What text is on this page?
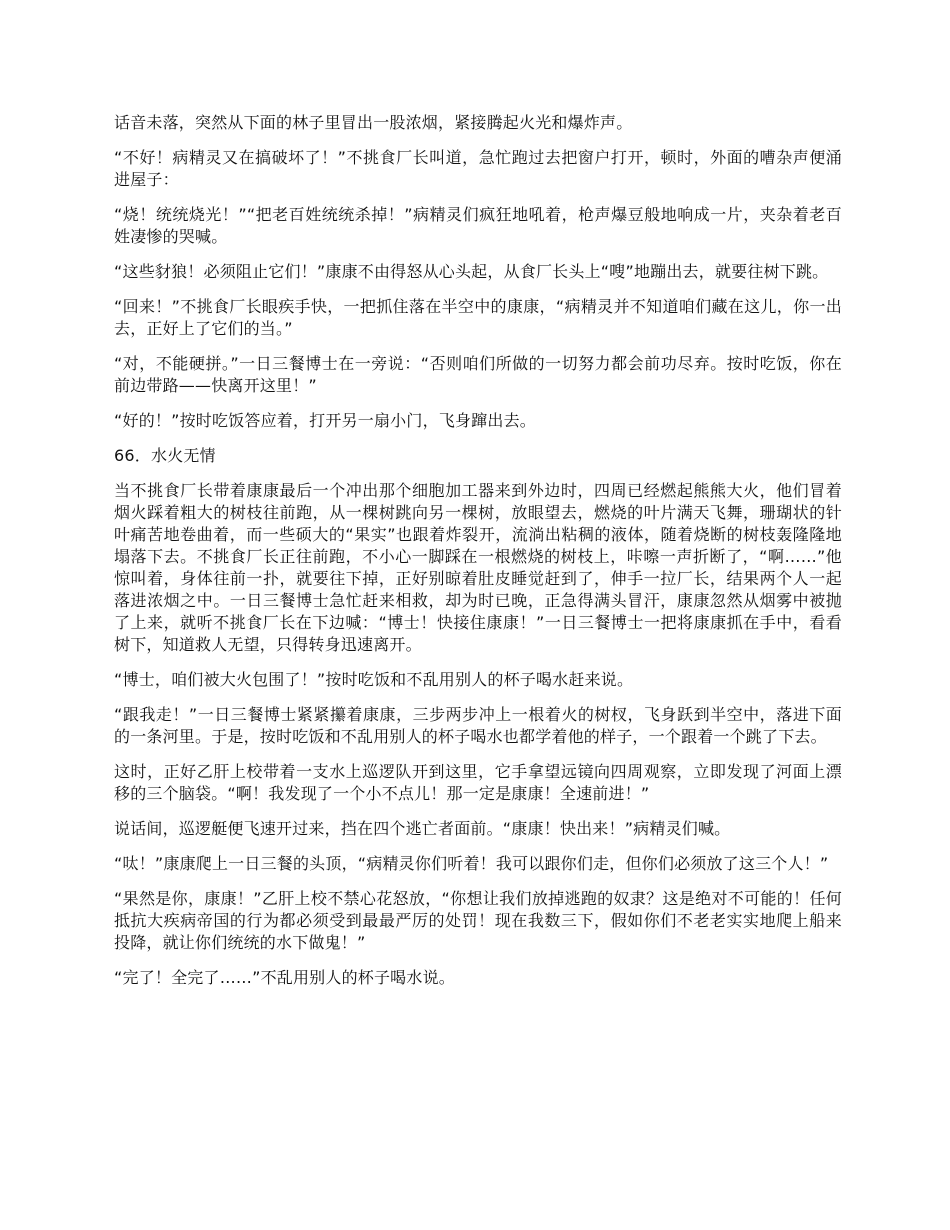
话音未落，突然从下面的林子里冒出一股浓烟，紧接腾起火光和爆炸声。

“不好！病精灵又在搞破坏了！”不挑食厂长叫道，急忙跑过去把窗户打开，顿时，外面的嘈杂声便涌进屋子：

“烧！统统烧光！”“把老百姓统统杀掉！”病精灵们疯狂地吼着，枪声爆豆般地响成一片，夹杂着老百姓凄惨的哭喊。

“这些豺狼！必须阻止它们！”康康不由得怒从心头起，从食厂长头上“嗖”地蹦出去，就要往树下跳。

“回来！”不挑食厂长眼疾手快，一把抓住落在半空中的康康，“病精灵并不知道咱们藏在这儿，你一出去，正好上了它们的当。”

“对，不能硬拼。”一日三餐博士在一旁说：“否则咱们所做的一切努力都会前功尽弃。按时吃饭，你在前边带路——快离开这里！”

“好的！”按时吃饭答应着，打开另一扇小门，飞身蹿出去。

66．水火无情

当不挑食厂长带着康康最后一个冲出那个细胞加工器来到外边时，四周已经燃起熊熊大火，他们冒着烟火踩着粗大的树枝往前跑，从一棵树跳向另一棵树，放眼望去，燃烧的叶片满天飞舞，珊瑚状的针叶痛苦地卷曲着，而一些硕大的“果实”也跟着炸裂开，流淌出粘稠的液体，随着烧断的树枝轰隆隆地塌落下去。不挑食厂长正往前跑，不小心一脚踩在一根燃烧的树枝上，咔嚓一声折断了，“啊……”他惊叫着，身体往前一扑，就要往下掉，正好别晾着肚皮睡觉赶到了，伸手一拉厂长，结果两个人一起落进浓烟之中。一日三餐博士急忙赶来相救，却为时已晚，正急得满头冒汗，康康忽然从烟雾中被抛了上来，就听不挑食厂长在下边喊：“博士！快接住康康！”一日三餐博士一把将康康抓在手中，看看树下，知道救人无望，只得转身迅速离开。

“博士，咱们被大火包围了！”按时吃饭和不乱用别人的杯子喝水赶来说。

“跟我走！”一日三餐博士紧紧攥着康康，三步两步冲上一根着火的树杈，飞身跃到半空中，落进下面的一条河里。于是，按时吃饭和不乱用别人的杯子喝水也都学着他的样子，一个跟着一个跳了下去。

这时，正好乙肝上校带着一支水上巡逻队开到这里，它手拿望远镜向四周观察，立即发现了河面上漂移的三个脑袋。“啊！我发现了一个小不点儿！那一定是康康！全速前进！”

说话间，巡逻艇便飞速开过来，挡在四个逃亡者面前。“康康！快出来！”病精灵们喊。

“呔！”康康爬上一日三餐的头顶，“病精灵你们听着！我可以跟你们走，但你们必须放了这三个人！”

“果然是你，康康！”乙肝上校不禁心花怒放，“你想让我们放掉逃跑的奴隶？这是绝对不可能的！任何抵抗大疾病帝国的行为都必须受到最最严厉的处罚！现在我数三下，假如你们不老老实实地爬上船来投降，就让你们统统的水下做鬼！”

“完了！全完了……”不乱用别人的杯子喝水说。
